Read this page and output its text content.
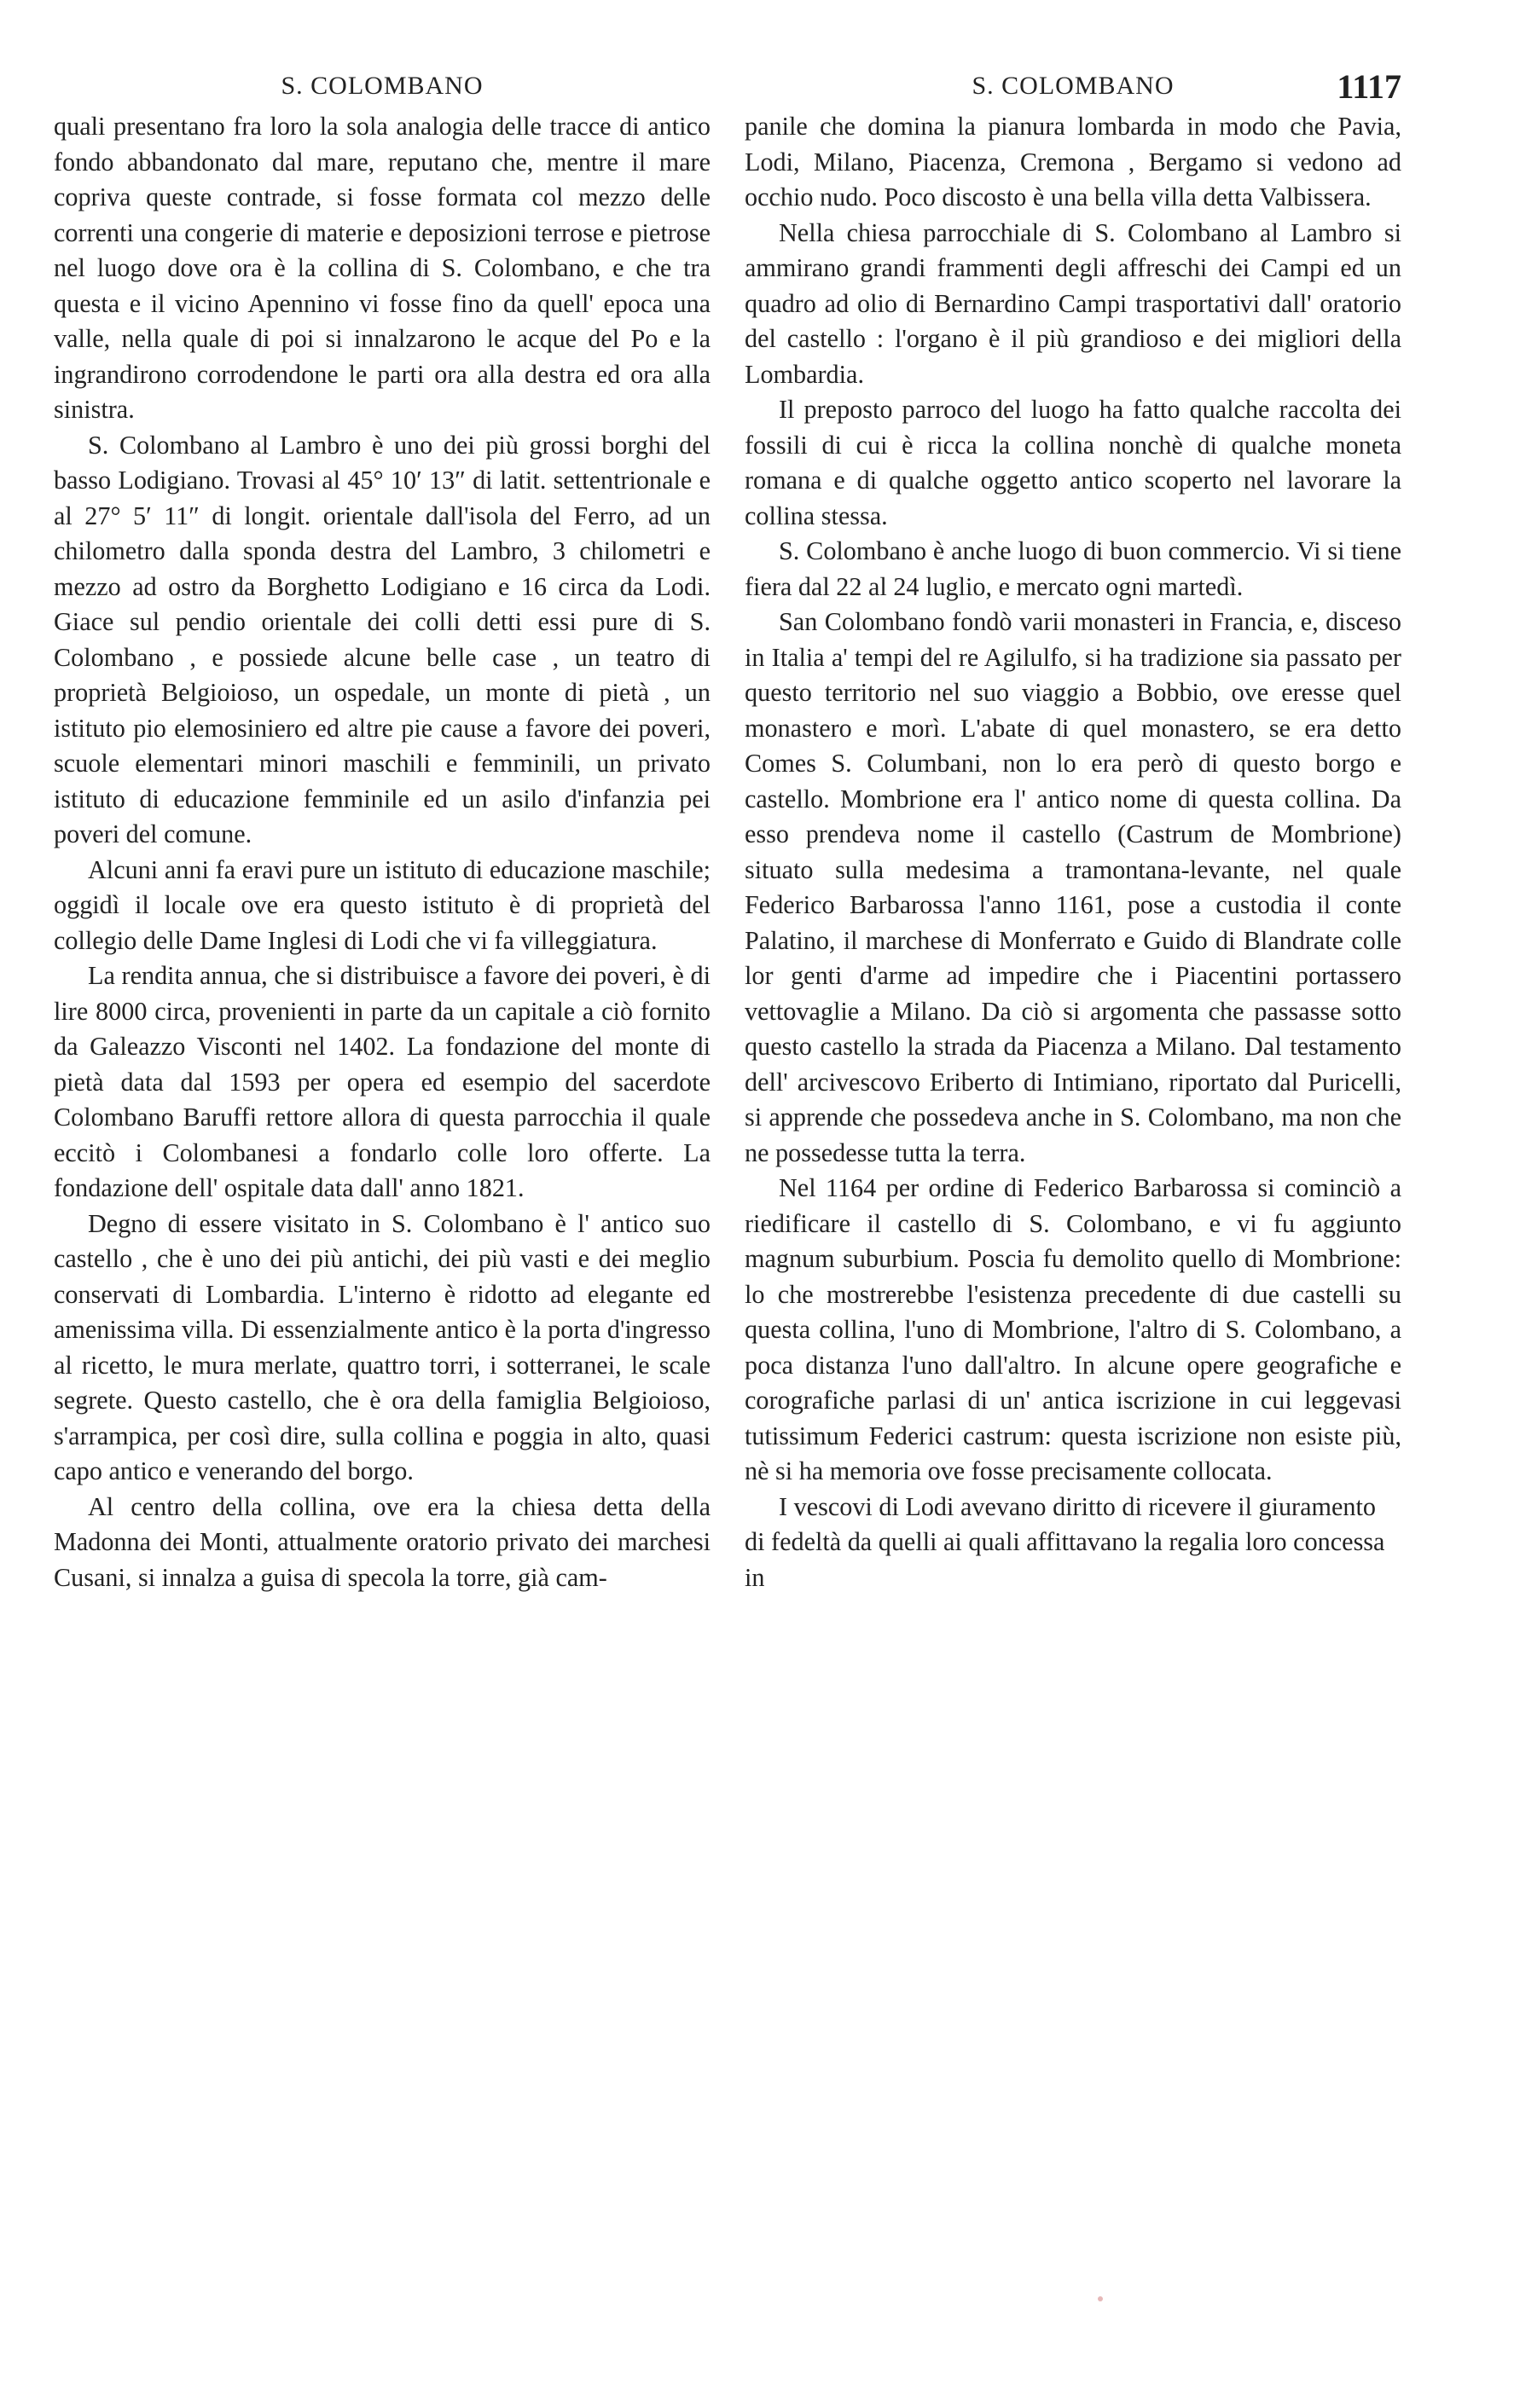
S. COLOMBANO

quali presentano fra loro la sola analogia delle tracce di antico fondo abbandonato dal mare, reputano che, mentre il mare copriva queste contrade, si fosse formata col mezzo delle correnti una congerie di materie e deposizioni terrose e pietrose nel luogo dove ora è la collina di S. Colombano, e che tra questa e il vicino Apennino vi fosse fino da quell' epoca una valle, nella quale di poi si innalzarono le acque del Po e la ingrandirono corrodendone le parti ora alla destra ed ora alla sinistra.

S. Colombano al Lambro è uno dei più grossi borghi del basso Lodigiano. Trovasi al 45° 10′ 13″ di latit. settentrionale e al 27° 5′ 11″ di longit. orientale dall'isola del Ferro, ad un chilometro dalla sponda destra del Lambro, 3 chilometri e mezzo ad ostro da Borghetto Lodigiano e 16 circa da Lodi. Giace sul pendio orientale dei colli detti essi pure di S. Colombano , e possiede alcune belle case , un teatro di proprietà Belgioioso, un ospedale, un monte di pietà , un istituto pio elemosiniero ed altre pie cause a favore dei poveri, scuole elementari minori maschili e femminili, un privato istituto di educazione femminile ed un asilo d'infanzia pei poveri del comune.

Alcuni anni fa eravi pure un istituto di educazione maschile; oggidì il locale ove era questo istituto è di proprietà del collegio delle Dame Inglesi di Lodi che vi fa villeggiatura.

La rendita annua, che si distribuisce a favore dei poveri, è di lire 8000 circa, provenienti in parte da un capitale a ciò fornito da Galeazzo Visconti nel 1402. La fondazione del monte di pietà data dal 1593 per opera ed esempio del sacerdote Colombano Baruffi rettore allora di questa parrocchia il quale eccitò i Colombanesi a fondarlo colle loro offerte. La fondazione dell' ospitale data dall' anno 1821.

Degno di essere visitato in S. Colombano è l' antico suo castello , che è uno dei più antichi, dei più vasti e dei meglio conservati di Lombardia. L'interno è ridotto ad elegante ed amenissima villa. Di essenzialmente antico è la porta d'ingresso al ricetto, le mura merlate, quattro torri, i sotterranei, le scale segrete. Questo castello, che è ora della famiglia Belgioioso, s'arrampica, per così dire, sulla collina e poggia in alto, quasi capo antico e venerando del borgo.

Al centro della collina, ove era la chiesa detta della Madonna dei Monti, attualmente oratorio privato dei marchesi Cusani, si innalza a guisa di specola la torre, già cam-

S. COLOMBANO	1117

panile che domina la pianura lombarda in modo che Pavia, Lodi, Milano, Piacenza, Cremona , Bergamo si vedono ad occhio nudo. Poco discosto è una bella villa detta Valbissera.

Nella chiesa parrocchiale di S. Colombano al Lambro si ammirano grandi frammenti degli affreschi dei Campi ed un quadro ad olio di Bernardino Campi trasportativi dall' oratorio del castello : l'organo è il più grandioso e dei migliori della Lombardia.

Il preposto parroco del luogo ha fatto qualche raccolta dei fossili di cui è ricca la collina nonchè di qualche moneta romana e di qualche oggetto antico scoperto nel lavorare la collina stessa.

S. Colombano è anche luogo di buon commercio. Vi si tiene fiera dal 22 al 24 luglio, e mercato ogni martedì.

San Colombano fondò varii monasteri in Francia, e, disceso in Italia a' tempi del re Agilulfo, si ha tradizione sia passato per questo territorio nel suo viaggio a Bobbio, ove eresse quel monastero e morì. L'abate di quel monastero, se era detto Comes S. Columbani, non lo era però di questo borgo e castello. Mombrione era l' antico nome di questa collina. Da esso prendeva nome il castello (Castrum de Mombrione) situato sulla medesima a tramontana-levante, nel quale Federico Barbarossa l'anno 1161, pose a custodia il conte Palatino, il marchese di Monferrato e Guido di Blandrate colle lor genti d'arme ad impedire che i Piacentini portassero vettovaglie a Milano. Da ciò si argomenta che passasse sotto questo castello la strada da Piacenza a Milano. Dal testamento dell' arcivescovo Eriberto di Intimiano, riportato dal Puricelli, si apprende che possedeva anche in S. Colombano, ma non che ne possedesse tutta la terra.

Nel 1164 per ordine di Federico Barbarossa si cominciò a riedificare il castello di S. Colombano, e vi fu aggiunto magnum suburbium. Poscia fu demolito quello di Mombrione: lo che mostrerebbe l'esistenza precedente di due castelli su questa collina, l'uno di Mombrione, l'altro di S. Colombano, a poca distanza l'uno dall'altro. In alcune opere geografiche e corografiche parlasi di un' antica iscrizione in cui leggevasi tutissimum Federici castrum: questa iscrizione non esiste più, nè si ha memoria ove fosse precisamente collocata.

I vescovi di Lodi avevano diritto di ricevere il giuramento di fedeltà da quelli ai quali affittavano la regalia loro concessa in
